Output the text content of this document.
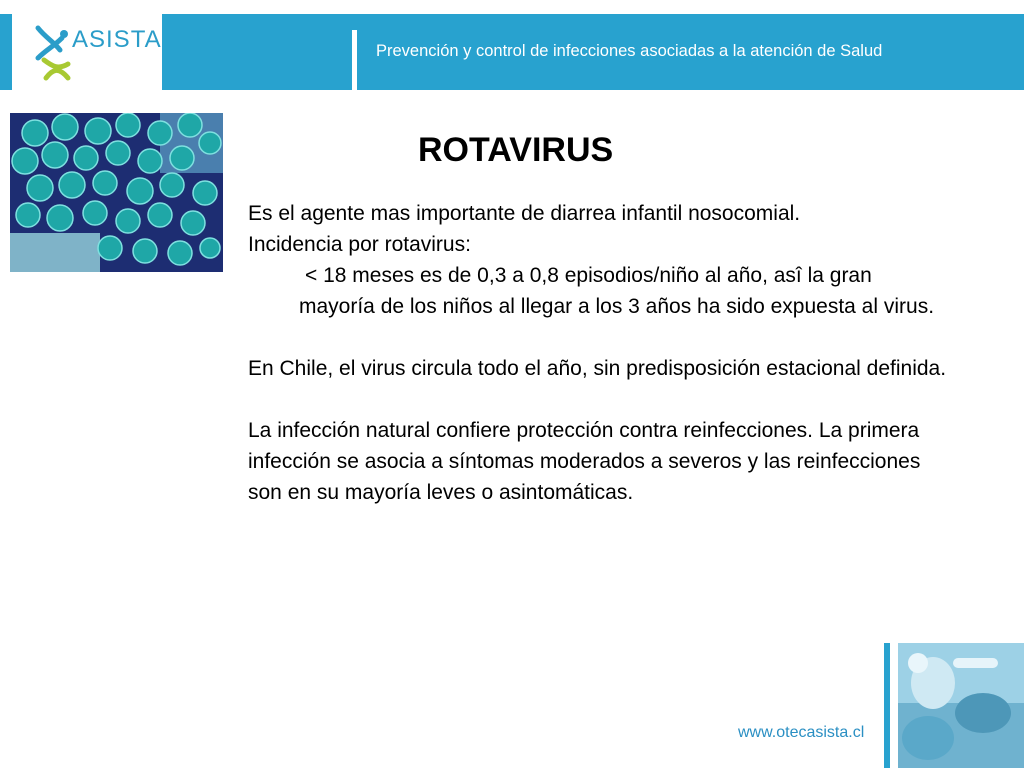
ASISTA	Prevención y control de infecciones asociadas a la atención de Salud
ROTAVIRUS

Es el agente mas importante de diarrea infantil nosocomial.

Incidencia por rotavirus:

< 18 meses es de 0,3 a 0,8 episodios/niño al año, asî la gran mayoría de los niños al llegar a los 3 años ha sido expuesta al virus.

En Chile, el virus circula todo el año, sin predisposición estacional definida.

La infección natural confiere protección contra reinfecciones. La primera infección se asocia a síntomas moderados a severos y las reinfecciones son en su mayoría leves o asintomáticas.

www.otecasista.cl
